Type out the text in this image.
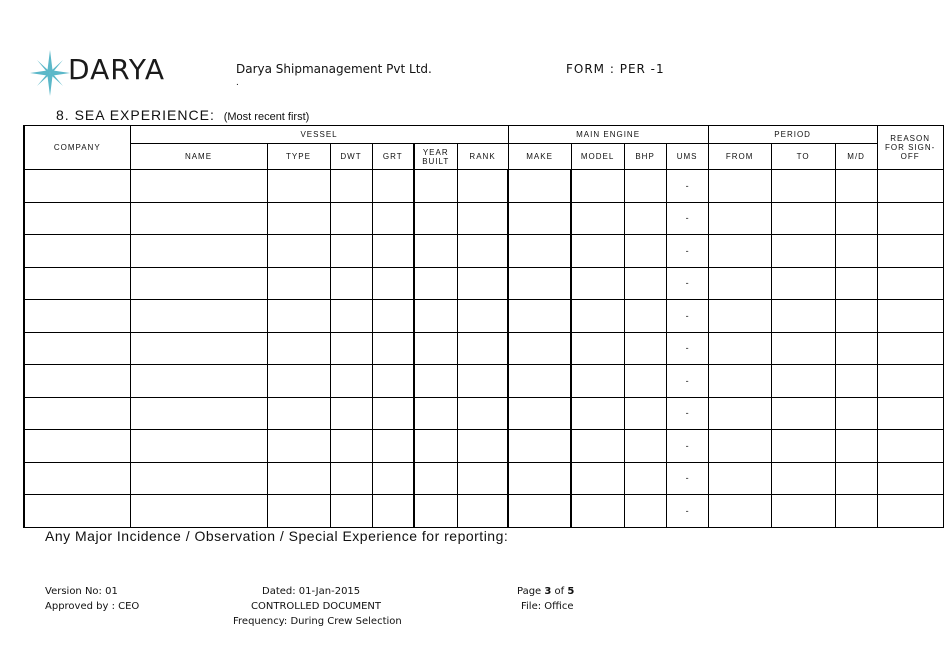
DARYA	Darya Shipmanagement Pvt Ltd.
.
FORM : PER -1
8. SEA EXPERIENCE: (Most recent first)
COMPANY	VESSEL						MAIN ENGINE				PERIOD			REASON FOR SIGN- OFF
	NAME	TYPE	DWT	GRT	YEAR BUILT	RANK	MAKE	MODEL	BHP	UMS	FROM	TO	M/D	
										-				
										-				
										-				
										-				
										-				
										-				
										-				
										-				
										-				
										-				
										-				
Any Major Incidence / Observation / Special Experience for reporting:
Version No: 01
Approved by : CEO
Dated: 01-Jan-2015
CONTROLLED DOCUMENT
Frequency: During Crew Selection
Page 3 of 5
File: Office
